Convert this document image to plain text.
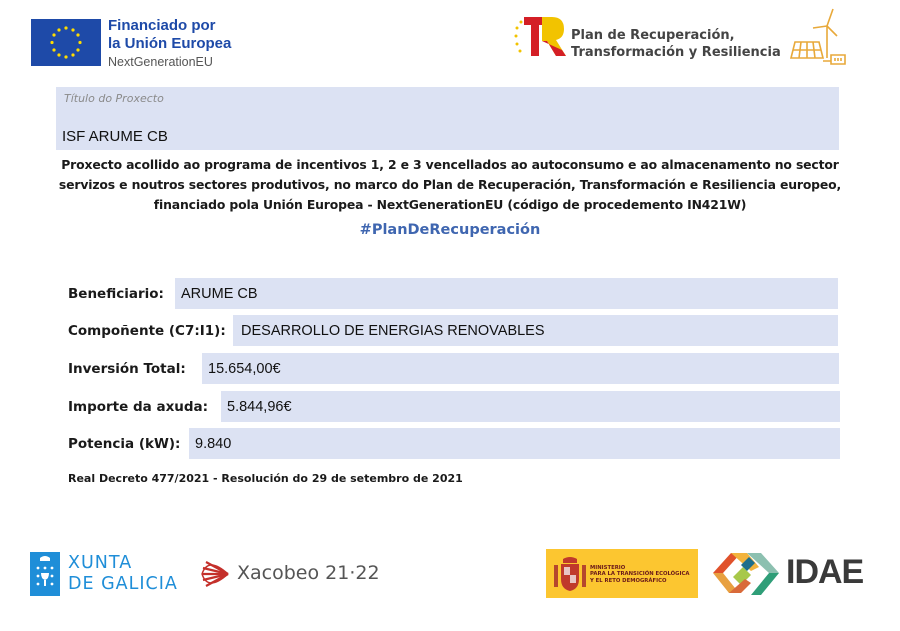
Financiado por
la Unión Europea
NextGenerationEU
Plan de Recuperación,
Transformación y Resiliencia
Título do Proxecto
ISF ARUME CB
Proxecto acollido ao programa de incentivos 1, 2 e 3 vencellados ao autoconsumo e ao almacenamento no sector servizos e noutros sectores produtivos, no marco do Plan de Recuperación, Transformación e Resiliencia europeo, financiado pola Unión Europea - NextGenerationEU (código de procedemento IN421W)
#PlanDeRecuperación
Beneficiario: ARUME CB
Compoñente (C7:I1): DESARROLLO DE ENERGIAS RENOVABLES
Inversión Total: 15.654,00€
Importe da axuda: 5.844,96€
Potencia (kW): 9.840
Real Decreto 477/2021 - Resolución do 29 de setembro de 2021
XUNTA
DE GALICIA	Xacobeo 21·22	MINISTERIO
PARA LA TRANSICIÓN ECOLÓGICA
Y EL RETO DEMOGRÁFICO	IDAE
